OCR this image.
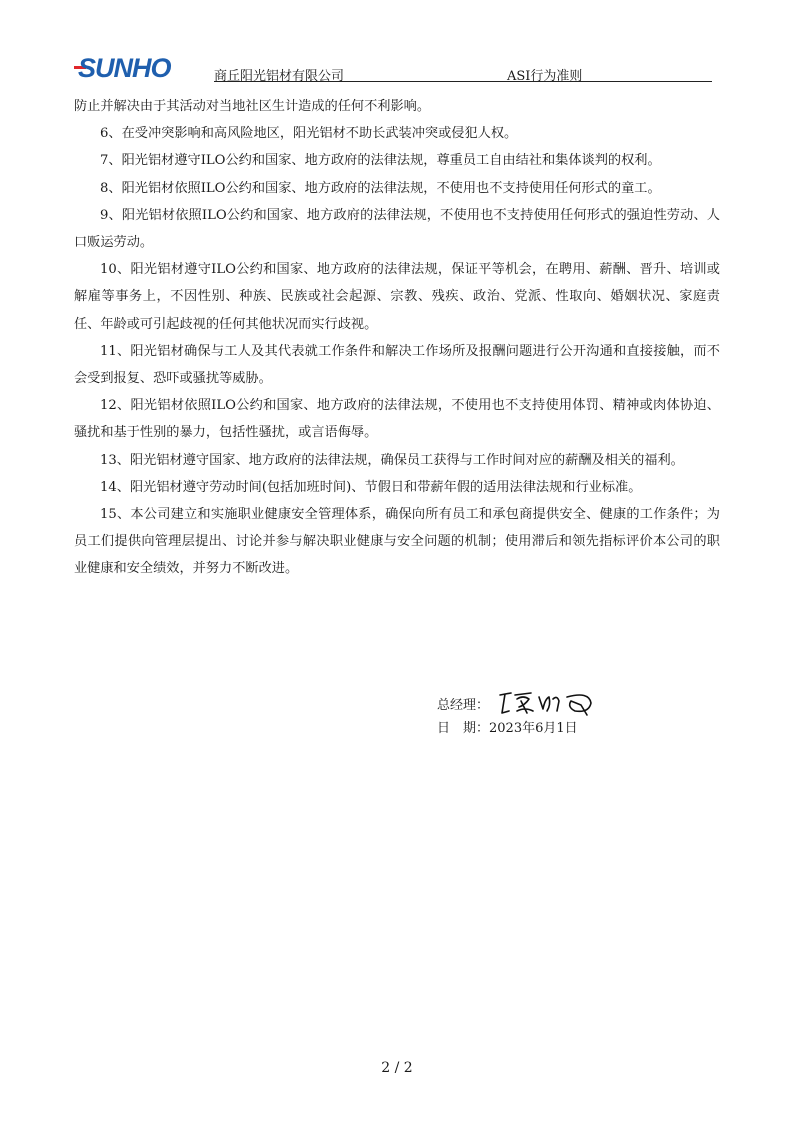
SUNHO	商丘阳光铝材有限公司	ASI行为准则

防止并解决由于其活动对当地社区生计造成的任何不利影响。

6、在受冲突影响和高风险地区，阳光铝材不助长武装冲突或侵犯人权。

7、阳光铝材遵守ILO公约和国家、地方政府的法律法规，尊重员工自由结社和集体谈判的权利。

8、阳光铝材依照ILO公约和国家、地方政府的法律法规，不使用也不支持使用任何形式的童工。

9、阳光铝材依照ILO公约和国家、地方政府的法律法规，不使用也不支持使用任何形式的强迫性劳动、人口贩运劳动。

10、阳光铝材遵守ILO公约和国家、地方政府的法律法规，保证平等机会，在聘用、薪酬、晋升、培训或解雇等事务上，不因性别、种族、民族或社会起源、宗教、残疾、政治、党派、性取向、婚姻状况、家庭责任、年龄或可引起歧视的任何其他状况而实行歧视。

11、阳光铝材确保与工人及其代表就工作条件和解决工作场所及报酬问题进行公开沟通和直接接触，而不会受到报复、恐吓或骚扰等威胁。

12、阳光铝材依照ILO公约和国家、地方政府的法律法规，不使用也不支持使用体罚、精神或肉体协迫、骚扰和基于性别的暴力，包括性骚扰，或言语侮辱。

13、阳光铝材遵守国家、地方政府的法律法规，确保员工获得与工作时间对应的薪酬及相关的福利。

14、阳光铝材遵守劳动时间(包括加班时间)、节假日和带薪年假的适用法律法规和行业标准。

15、本公司建立和实施职业健康安全管理体系，确保向所有员工和承包商提供安全、健康的工作条件；为员工们提供向管理层提出、讨论并参与解决职业健康与安全问题的机制；使用滞后和领先指标评价本公司的职业健康和安全绩效，并努力不断改进。

总经理：
日　期：2023年6月1日
2 / 2
